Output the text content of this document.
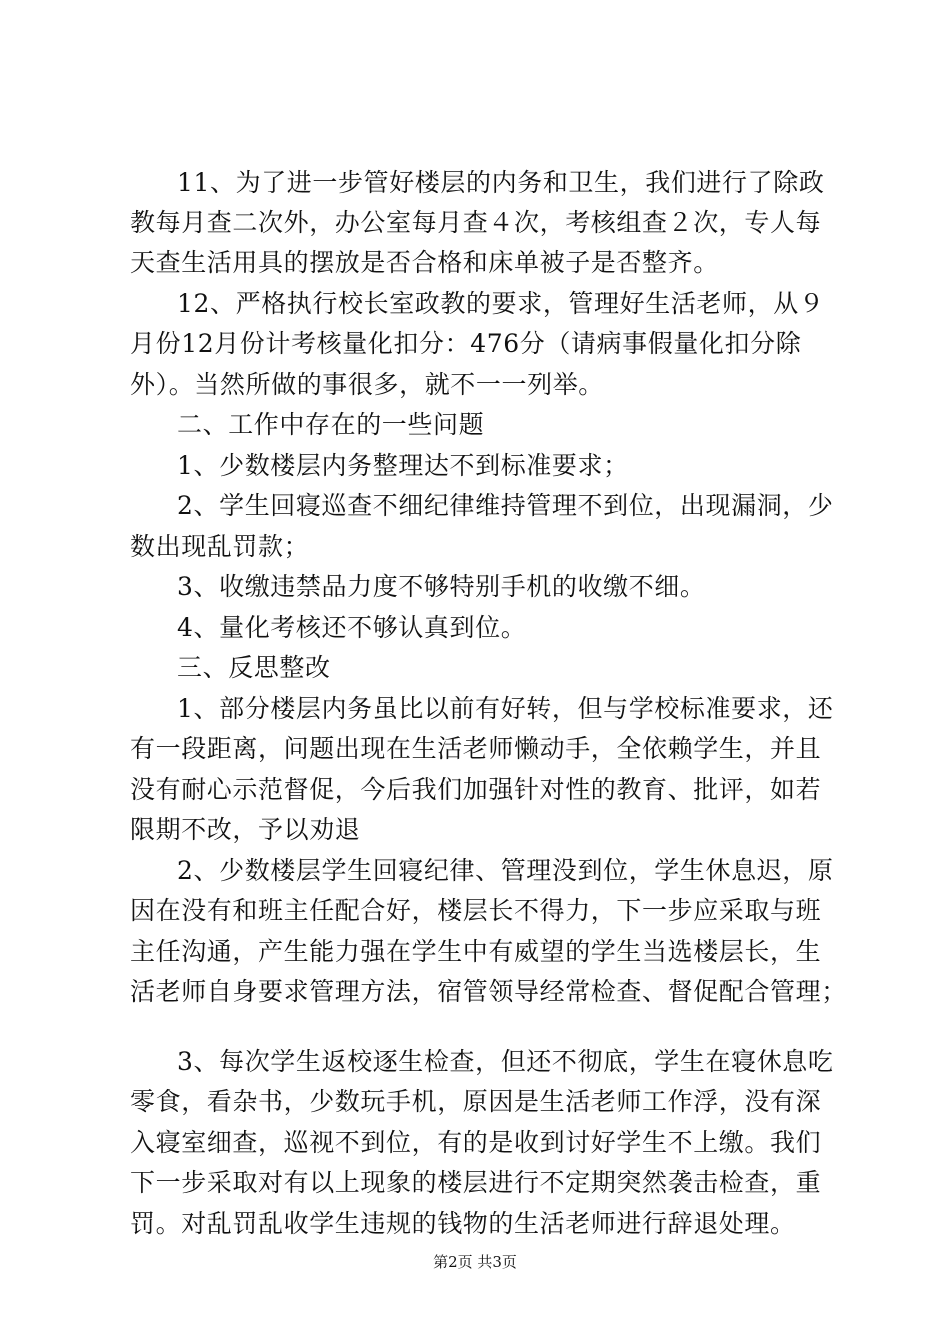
11、为了进一步管好楼层的内务和卫生，我们进行了除政
教每月查二次外，办公室每月查４次，考核组查２次，专人每
天查生活用具的摆放是否合格和床单被子是否整齐。
12、严格执行校长室政教的要求，管理好生活老师，从９
月份12月份计考核量化扣分：476分（请病事假量化扣分除
外）。当然所做的事很多，就不一一列举。
二、工作中存在的一些问题
1、少数楼层内务整理达不到标准要求；
2、学生回寝巡查不细纪律维持管理不到位，出现漏洞，少
数出现乱罚款；
3、收缴违禁品力度不够特别手机的收缴不细。
4、量化考核还不够认真到位。
三、反思整改
1、部分楼层内务虽比以前有好转，但与学校标准要求，还
有一段距离，问题出现在生活老师懒动手，全依赖学生，并且
没有耐心示范督促，今后我们加强针对性的教育、批评，如若
限期不改，予以劝退
2、少数楼层学生回寝纪律、管理没到位，学生休息迟，原
因在没有和班主任配合好，楼层长不得力，下一步应采取与班
主任沟通，产生能力强在学生中有威望的学生当选楼层长，生
活老师自身要求管理方法，宿管领导经常检查、督促配合管理；
3、每次学生返校逐生检查，但还不彻底，学生在寝休息吃
零食，看杂书，少数玩手机，原因是生活老师工作浮，没有深
入寝室细查，巡视不到位，有的是收到讨好学生不上缴。我们
下一步采取对有以上现象的楼层进行不定期突然袭击检查，重
罚。对乱罚乱收学生违规的钱物的生活老师进行辞退处理。
第2页 共3页
